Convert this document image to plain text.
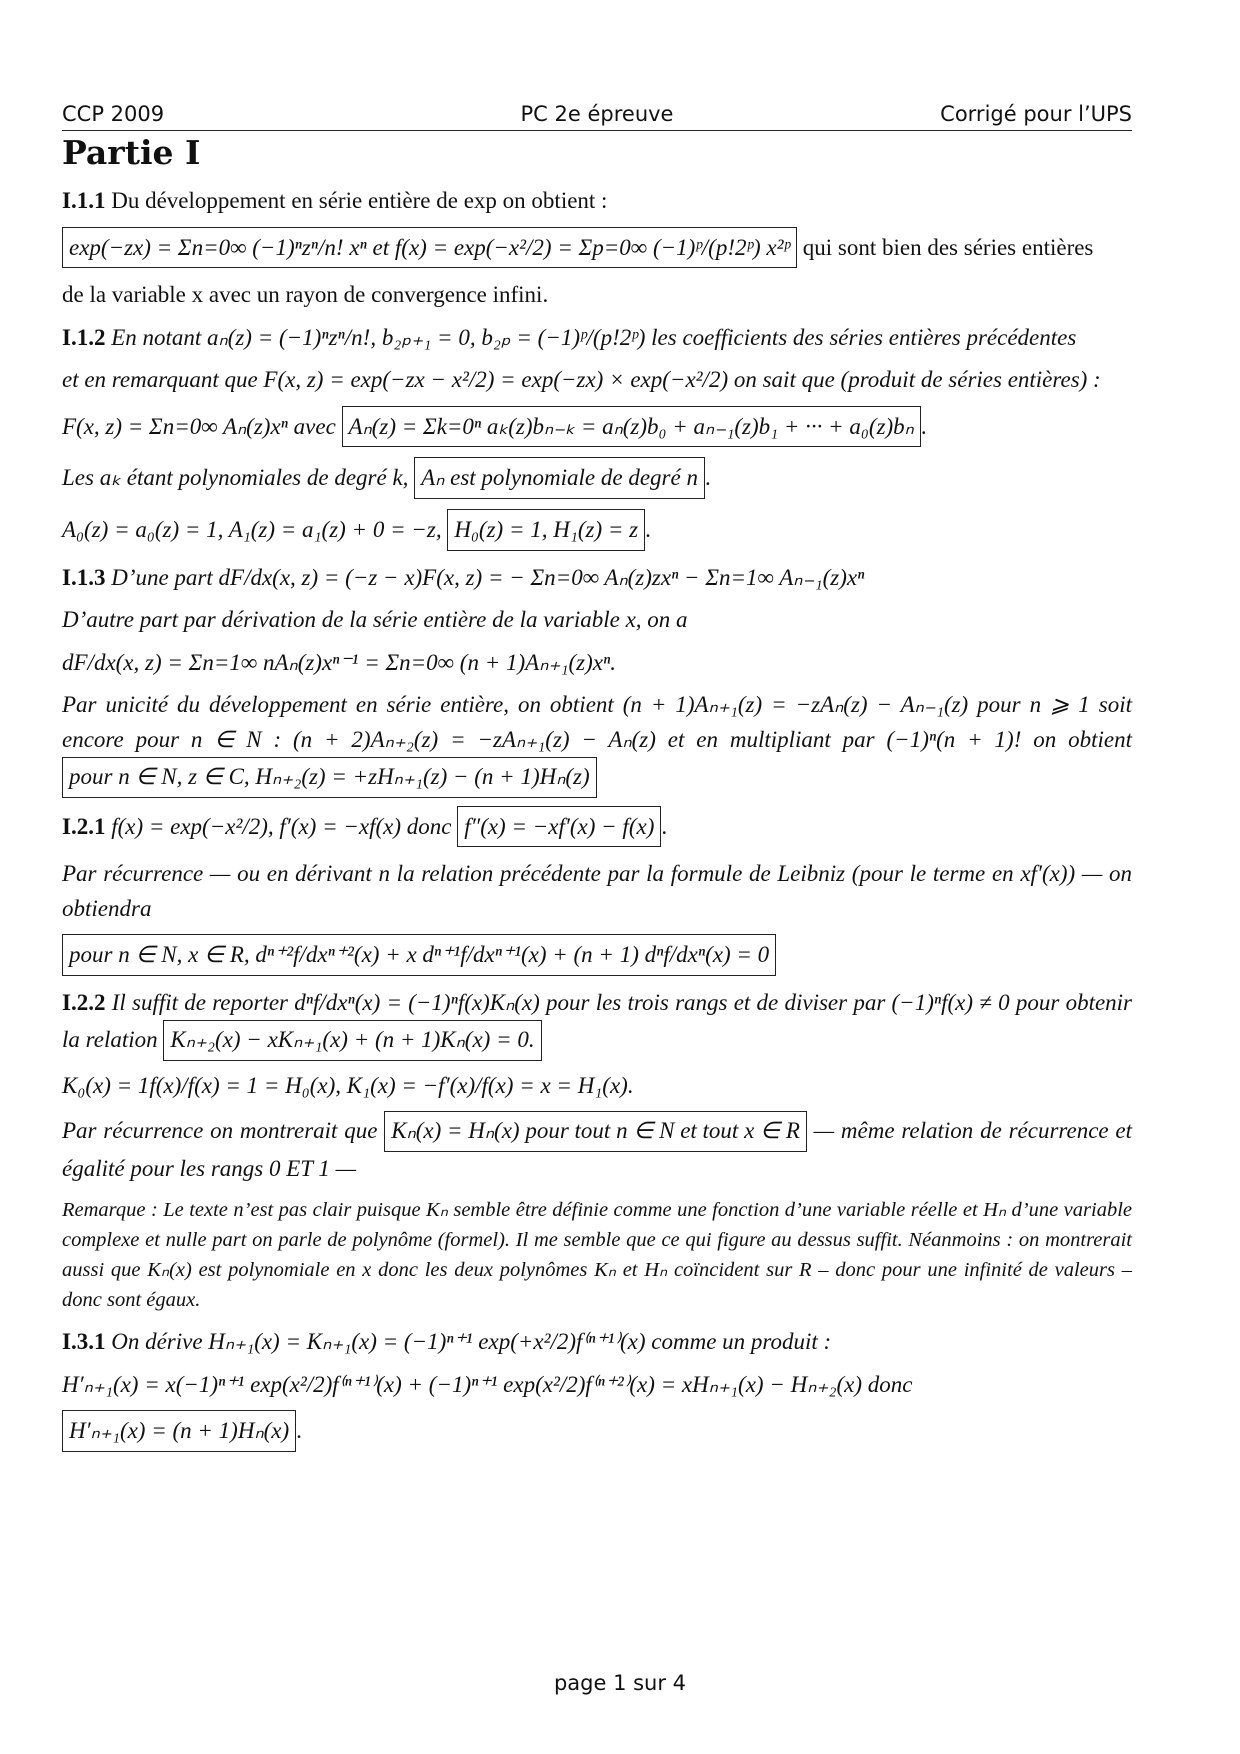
CCP 2009	PC 2e épreuve	Corrigé pour l’UPS
Partie I
I.1.1 Du développement en série entière de exp on obtient :
exp(−zx) = Σn=0∞ (−1)ⁿzⁿ/n! xⁿ et f(x) = exp(−x²/2) = Σp=0∞ (−1)ᵖ/(p!2ᵖ) x²ᵖ qui sont bien des séries entières
de la variable x avec un rayon de convergence infini.
I.1.2 En notant aₙ(z) = (−1)ⁿzⁿ/n!, b₂ₚ₊₁ = 0, b₂ₚ = (−1)ᵖ/(p!2ᵖ) les coefficients des séries entières précédentes
et en remarquant que F(x, z) = exp(−zx − x²/2) = exp(−zx) × exp(−x²/2) on sait que (produit de séries entières) :
F(x, z) = Σn=0∞ Aₙ(z)xⁿ avec Aₙ(z) = Σk=0ⁿ aₖ(z)bₙ₋ₖ = aₙ(z)b₀ + aₙ₋₁(z)b₁ + ··· + a₀(z)bₙ .
Les aₖ étant polynomiales de degré k, Aₙ est polynomiale de degré n .
A₀(z) = a₀(z) = 1, A₁(z) = a₁(z) + 0 = −z, H₀(z) = 1, H₁(z) = z .
I.1.3 D’une part dF/dx(x, z) = (−z − x)F(x, z) = − Σn=0∞ Aₙ(z)zxⁿ − Σn=1∞ Aₙ₋₁(z)xⁿ
D’autre part par dérivation de la série entière de la variable x, on a
dF/dx(x, z) = Σn=1∞ nAₙ(z)xⁿ⁻¹ = Σn=0∞ (n + 1)Aₙ₊₁(z)xⁿ.
Par unicité du développement en série entière, on obtient (n + 1)Aₙ₊₁(z) = −zAₙ(z) − Aₙ₋₁(z) pour n ⩾ 1 soit encore pour n ∈ N : (n + 2)Aₙ₊₂(z) = −zAₙ₊₁(z) − Aₙ(z) et en multipliant par (−1)ⁿ(n + 1)! on obtient pour n ∈ N, z ∈ C, Hₙ₊₂(z) = +zHₙ₊₁(z) − (n + 1)Hₙ(z)
I.2.1 f(x) = exp(−x²/2), f′(x) = −xf(x) donc f″(x) = −xf′(x) − f(x) .
Par récurrence — ou en dérivant n la relation précédente par la formule de Leibniz (pour le terme en xf′(x)) — on obtiendra
pour n ∈ N, x ∈ R, dⁿ⁺²f/dxⁿ⁺²(x) + x dⁿ⁺¹f/dxⁿ⁺¹(x) + (n + 1) dⁿf/dxⁿ(x) = 0
I.2.2 Il suffit de reporter dⁿf/dxⁿ(x) = (−1)ⁿf(x)Kₙ(x) pour les trois rangs et de diviser par (−1)ⁿf(x) ≠ 0 pour obtenir la relation Kₙ₊₂(x) − xKₙ₊₁(x) + (n + 1)Kₙ(x) = 0.
K₀(x) = 1f(x)/f(x) = 1 = H₀(x), K₁(x) = −f′(x)/f(x) = x = H₁(x).
Par récurrence on montrerait que Kₙ(x) = Hₙ(x) pour tout n ∈ N et tout x ∈ R — même relation de récurrence et égalité pour les rangs 0 ET 1 —
Remarque : Le texte n’est pas clair puisque Kₙ semble être définie comme une fonction d’une variable réelle et Hₙ d’une variable complexe et nulle part on parle de polynôme (formel). Il me semble que ce qui figure au dessus suffit. Néanmoins : on montrerait aussi que Kₙ(x) est polynomiale en x donc les deux polynômes Kₙ et Hₙ coïncident sur R – donc pour une infinité de valeurs – donc sont égaux.
I.3.1 On dérive Hₙ₊₁(x) = Kₙ₊₁(x) = (−1)ⁿ⁺¹ exp(+x²/2)f⁽ⁿ⁺¹⁾(x) comme un produit :
H′ₙ₊₁(x) = x(−1)ⁿ⁺¹ exp(x²/2)f⁽ⁿ⁺¹⁾(x) + (−1)ⁿ⁺¹ exp(x²/2)f⁽ⁿ⁺²⁾(x) = xHₙ₊₁(x) − Hₙ₊₂(x) donc
H′ₙ₊₁(x) = (n + 1)Hₙ(x) .
page 1 sur 4
